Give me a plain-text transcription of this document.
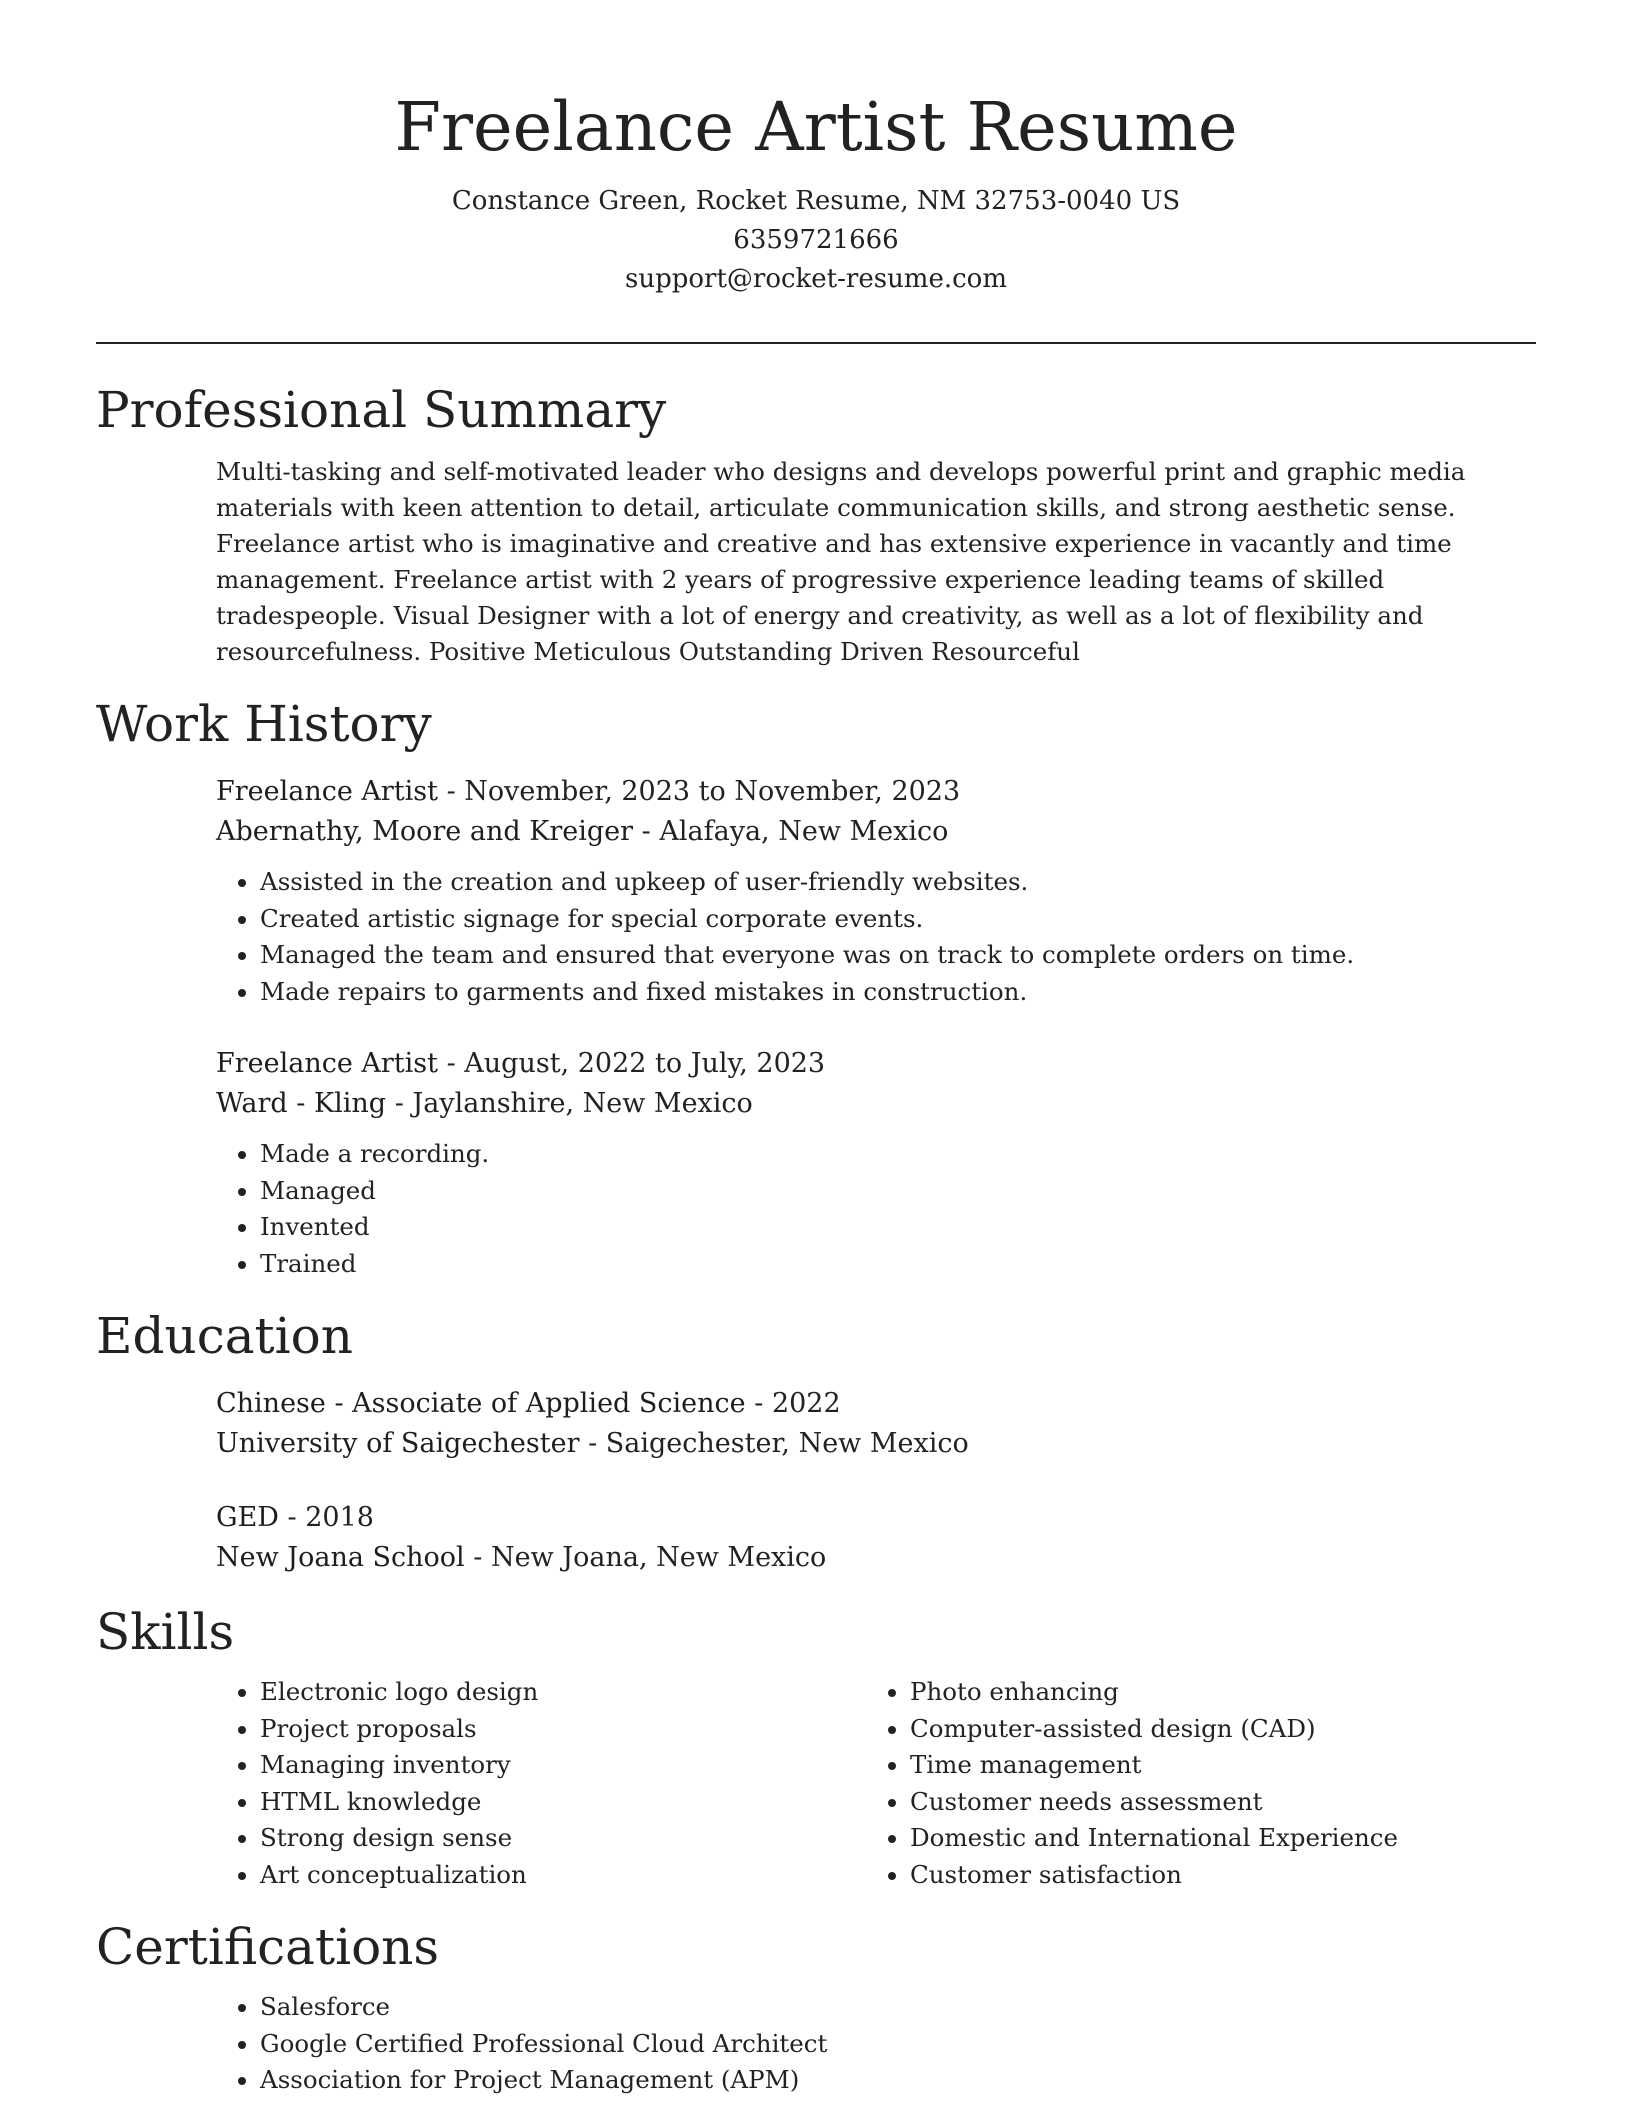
Freelance Artist Resume

Constance Green, Rocket Resume, NM 32753-0040 US

6359721666

support@rocket-resume.com

Professional Summary

Multi-tasking and self-motivated leader who designs and develops powerful print and graphic media materials with keen attention to detail, articulate communication skills, and strong aesthetic sense. Freelance artist who is imaginative and creative and has extensive experience in vacantly and time management. Freelance artist with 2 years of progressive experience leading teams of skilled tradespeople. Visual Designer with a lot of energy and creativity, as well as a lot of flexibility and resourcefulness. Positive Meticulous Outstanding Driven Resourceful

Work History

Freelance Artist - November, 2023 to November, 2023

Abernathy, Moore and Kreiger - Alafaya, New Mexico

• Assisted in the creation and upkeep of user-friendly websites.
• Created artistic signage for special corporate events.
• Managed the team and ensured that everyone was on track to complete orders on time.
• Made repairs to garments and fixed mistakes in construction.

Freelance Artist - August, 2022 to July, 2023

Ward - Kling - Jaylanshire, New Mexico

• Made a recording.
• Managed
• Invented
• Trained
Education

Chinese - Associate of Applied Science - 2022

University of Saigechester - Saigechester, New Mexico

GED - 2018

New Joana School - New Joana, New Mexico

Skills
• Electronic logo design
• Project proposals
• Managing inventory
• HTML knowledge
• Strong design sense
• Art conceptualization
• Photo enhancing
• Computer-assisted design (CAD)
• Time management
• Customer needs assessment
• Domestic and International Experience
• Customer satisfaction
Certifications
• Salesforce
• Google Certified Professional Cloud Architect
• Association for Project Management (APM)
